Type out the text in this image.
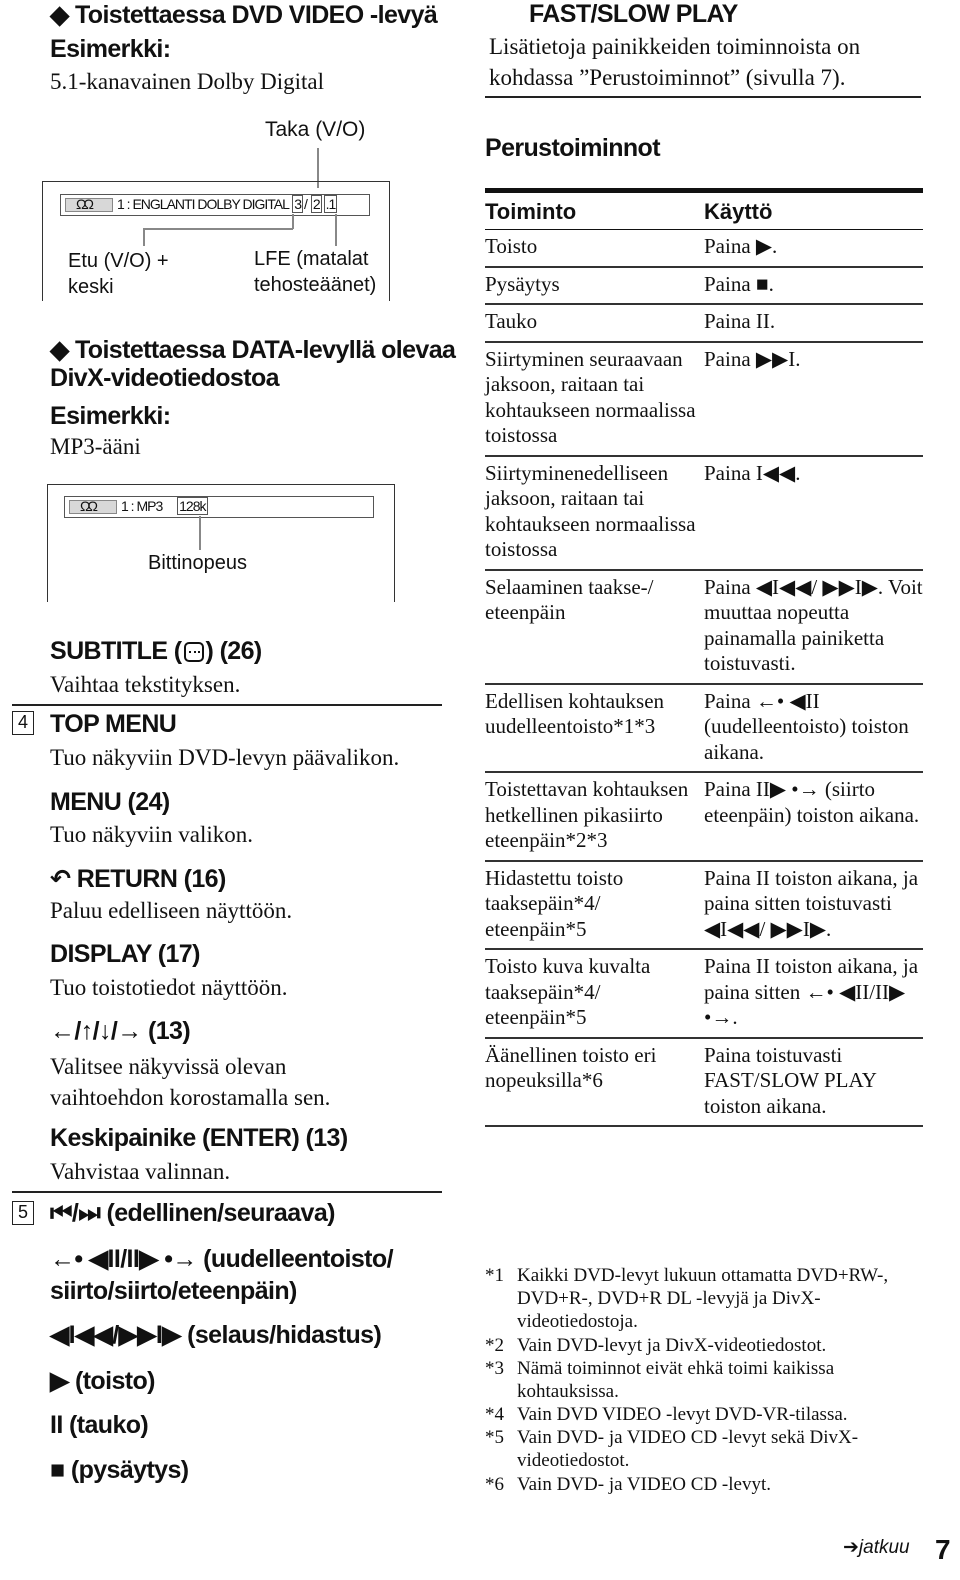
◆ Toistettaessa DVD VIDEO -levyä
Esimerkki:
5.1-kanavainen Dolby Digital
Taka (V/O)
ΩΩ 1 : ENGLANTI DOLBY DIGITAL 3 / 2 .1
Etu (V/O) +
keski
LFE (matalat
tehosteäänet)
◆ Toistettaessa DATA-levyllä olevaa
DivX-videotiedostoa
Esimerkki:
MP3-ääni
ΩΩ 1 : MP3 128k
Bittinopeus
SUBTITLE ( ) (26)
Vaihtaa tekstityksen.
4 TOP MENU
Tuo näkyviin DVD-levyn päävalikon.
MENU (24)
Tuo näkyviin valikon.
↶ RETURN (16)
Paluu edelliseen näyttöön.
DISPLAY (17)
Tuo toistotiedot näyttöön.
←/↑/↓/→ (13)
Valitsee näkyvissä olevan
vaihtoehdon korostamalla sen.
Keskipainike (ENTER) (13)
Vahvistaa valinnan.
5 ⏮/⏭ (edellinen/seuraava)
←• ◀II/II▶ •→ (uudelleentoisto/
siirto/siirto/eteenpäin)
◀I◀◀/▶▶I▶ (selaus/hidastus)
▶ (toisto)
II (tauko)
■ (pysäytys)
FAST/SLOW PLAY
Lisätietoja painikkeiden toiminnoista on
kohdassa ”Perustoiminnot” (sivulla 7).
Perustoiminnot
Toiminto	Käyttö
Toisto	Paina ▶.
Pysäytys	Paina ■.
Tauko	Paina II.
Siirtyminen seuraavaan jaksoon, raitaan tai kohtaukseen normaalissa toistossa	Paina ▶▶I.
Siirtyminenedelliseen jaksoon, raitaan tai kohtaukseen normaalissa toistossa	Paina I◀◀.
Selaaminen taakse-/ eteenpäin	Paina ◀I◀◀/ ▶▶I▶. Voit muuttaa nopeutta painamalla painiketta toistuvasti.
Edellisen kohtauksen uudelleentoisto*1*3	Paina ←• ◀II (uudelleentoisto) toiston aikana.
Toistettavan kohtauksen hetkellinen pikasiirto eteenpäin*2*3	Paina II▶ •→ (siirto eteenpäin) toiston aikana.
Hidastettu toisto taaksepäin*4/ eteenpäin*5	Paina II toiston aikana, ja paina sitten toistuvasti ◀I◀◀/ ▶▶I▶.
Toisto kuva kuvalta taaksepäin*4/ eteenpäin*5	Paina II toiston aikana, ja paina sitten ←• ◀II/II▶ •→.
Äänellinen toisto eri nopeuksilla*6	Paina toistuvasti FAST/SLOW PLAY toiston aikana.
*1 Kaikki DVD-levyt lukuun ottamatta DVD+RW-, DVD+R-, DVD+R DL -levyjä ja DivX-videotiedostoja.
*2 Vain DVD-levyt ja DivX-videotiedostot.
*3 Nämä toiminnot eivät ehkä toimi kaikissa kohtauksissa.
*4 Vain DVD VIDEO -levyt DVD-VR-tilassa.
*5 Vain DVD- ja VIDEO CD -levyt sekä DivX-videotiedostot.
*6 Vain DVD- ja VIDEO CD -levyt.
➔jatkuu 7
